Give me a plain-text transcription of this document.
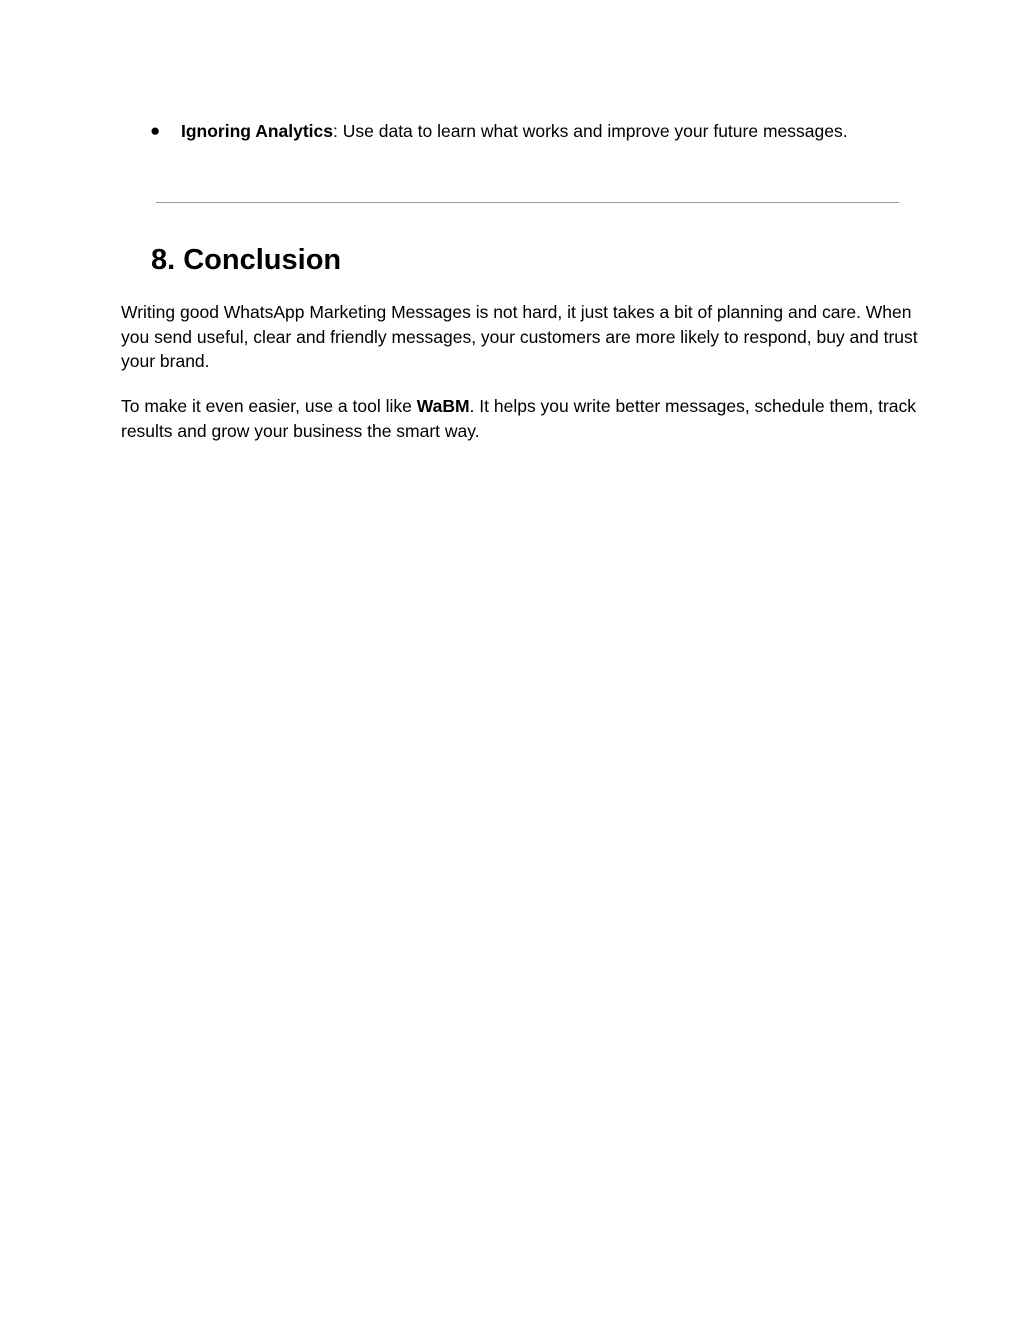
● Ignoring Analytics: Use data to learn what works and improve your future messages.
8. Conclusion

Writing good WhatsApp Marketing Messages is not hard, it just takes a bit of planning and care. When you send useful, clear and friendly messages, your customers are more likely to respond, buy and trust your brand.

To make it even easier, use a tool like WaBM. It helps you write better messages, schedule them, track results and grow your business the smart way.
